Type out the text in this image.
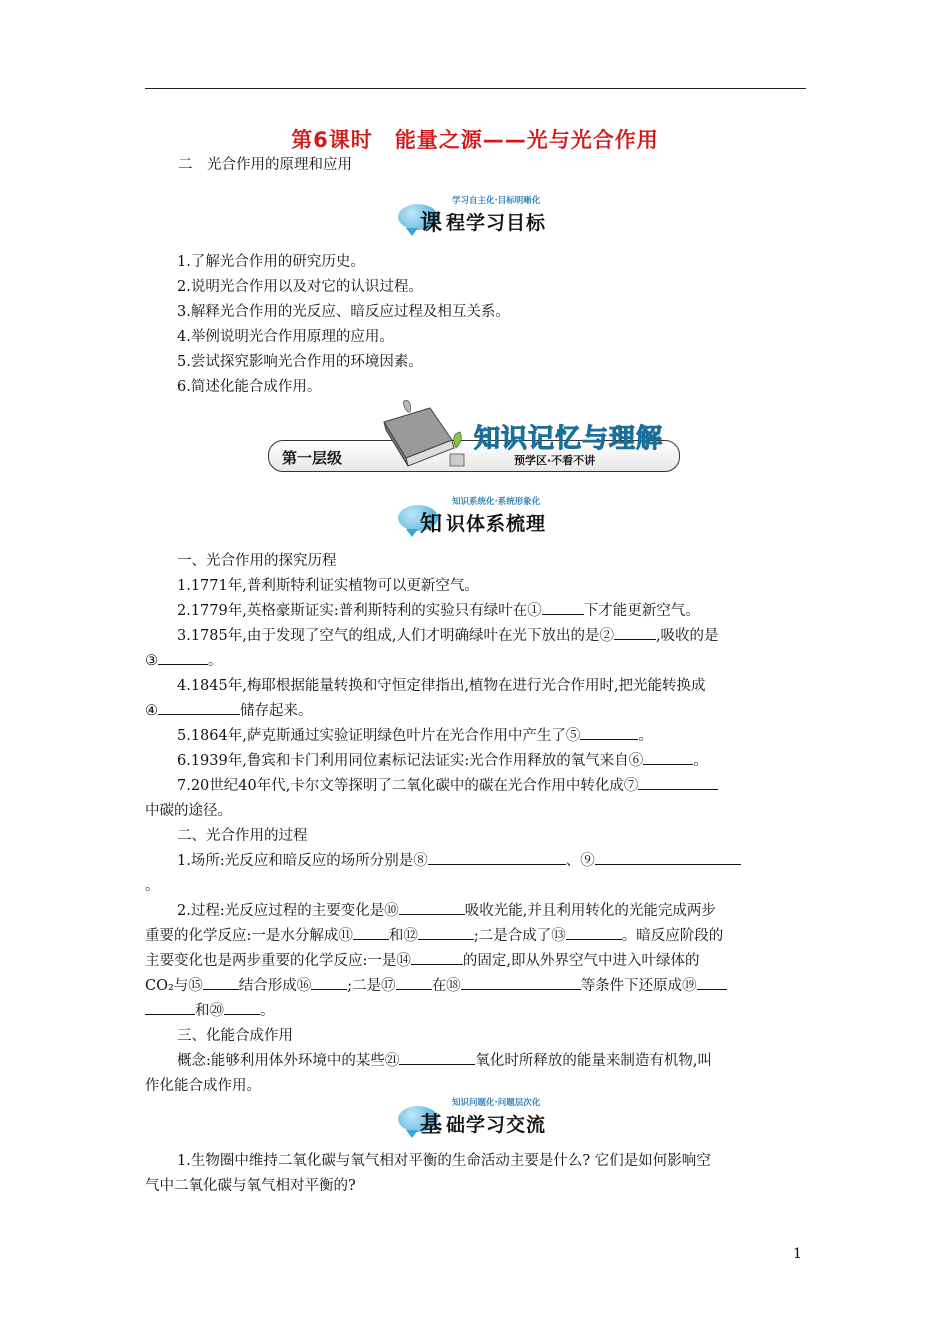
第6课时 能量之源——光与光合作用
二　光合作用的原理和应用
学习自主化·目标明晰化
课 程学习目标
1.了解光合作用的研究历史。
2.说明光合作用以及对它的认识过程。
3.解释光合作用的光反应、暗反应过程及相互关系。
4.举例说明光合作用原理的应用。
5.尝试探究影响光合作用的环境因素。
6.简述化能合成作用。
第一层级
知识记忆与理解
预学区·不看不讲
知识系统化·系统形象化
知 识体系梳理
一、光合作用的探究历程
1.1771年,普利斯特利证实植物可以更新空气。
2.1779年,英格豪斯证实:普利斯特利的实验只有绿叶在①	下才能更新空气。
3.1785年,由于发现了空气的组成,人们才明确绿叶在光下放出的是②	,吸收的是
③	。
4.1845年,梅耶根据能量转换和守恒定律指出,植物在进行光合作用时,把光能转换成
④	储存起来。
5.1864年,萨克斯通过实验证明绿色叶片在光合作用中产生了⑤	。
6.1939年,鲁宾和卡门利用同位素标记法证实:光合作用释放的氧气来自⑥	。
7.20世纪40年代,卡尔文等探明了二氧化碳中的碳在光合作用中转化成⑦
中碳的途径。
二、光合作用的过程
1.场所:光反应和暗反应的场所分别是⑧	、⑨
。
2.过程:光反应过程的主要变化是⑩	吸收光能,并且利用转化的光能完成两步
重要的化学反应:一是水分解成⑪ 和⑫	;二是合成了⑬	。暗反应阶段的
主要变化也是两步重要的化学反应:一是⑭	的固定,即从外界空气中进入叶绿体的
CO₂与⑮ 结合形成⑯ ;二是⑰ 在⑱	等条件下还原成⑲
和⑳ 。
三、化能合成作用
概念:能够利用体外环境中的某些㉑	氧化时所释放的能量来制造有机物,叫
作化能合成作用。
知识问题化·问题层次化
基 础学习交流
1.生物圈中维持二氧化碳与氧气相对平衡的生命活动主要是什么? 它们是如何影响空
气中二氧化碳与氧气相对平衡的?
1
